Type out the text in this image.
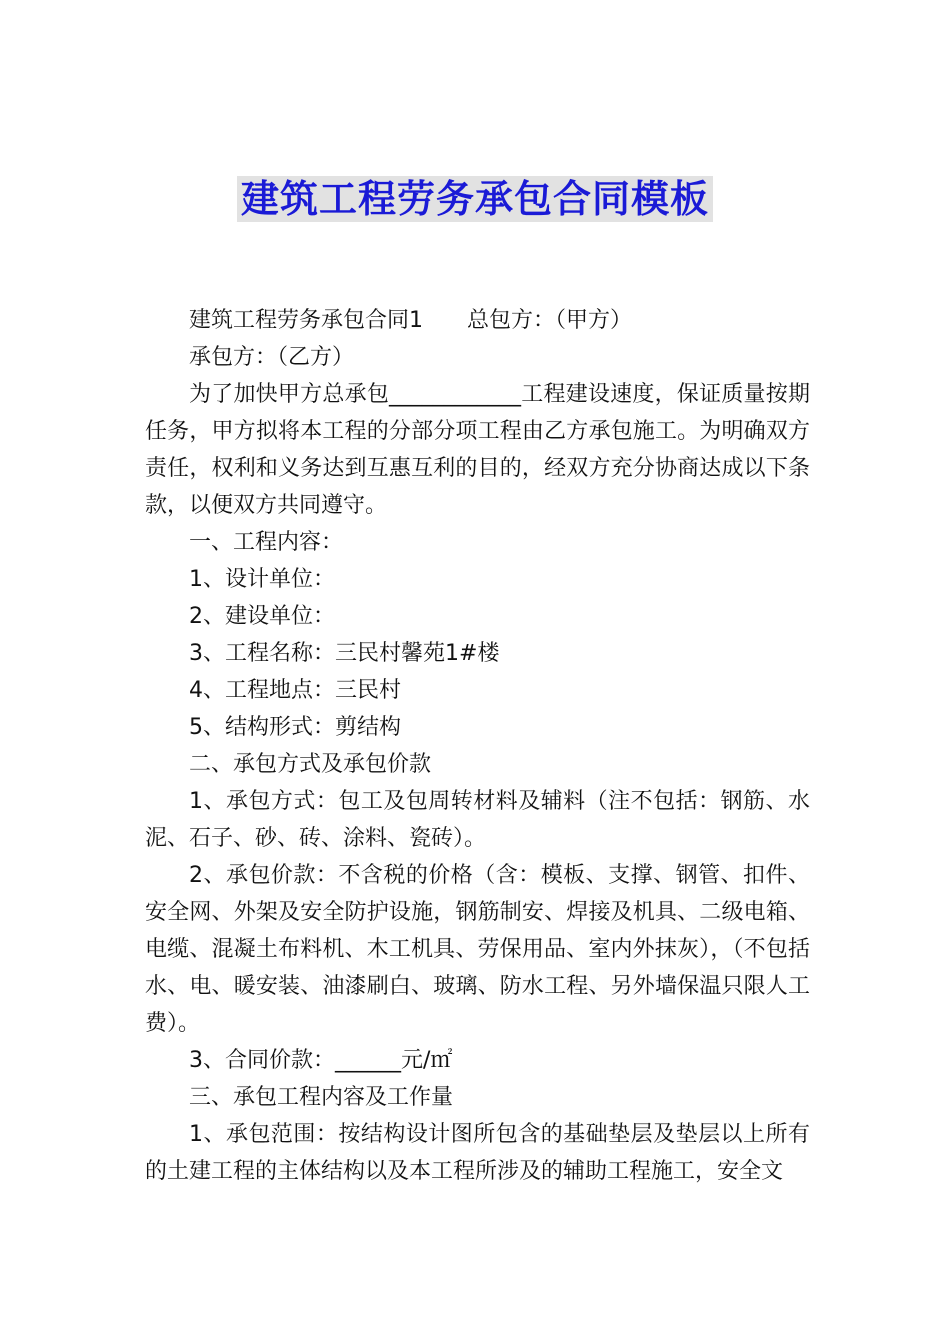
建筑工程劳务承包合同模板

建筑工程劳务承包合同1 总包方：（甲方）

承包方：（乙方）

为了加快甲方总承包____________工程建设速度，保证质量按期任务，甲方拟将本工程的分部分项工程由乙方承包施工。为明确双方责任，权利和义务达到互惠互利的目的，经双方充分协商达成以下条款，以便双方共同遵守。

一、工程内容：

1、设计单位：

2、建设单位：

3、工程名称：三民村馨苑1#楼

4、工程地点：三民村

5、结构形式：剪结构

二、承包方式及承包价款

1、承包方式：包工及包周转材料及辅料（注不包括：钢筋、水泥、石子、砂、砖、涂料、瓷砖）。

2、承包价款：不含税的价格（含：模板、支撑、钢管、扣件、安全网、外架及安全防护设施，钢筋制安、焊接及机具、二级电箱、电缆、混凝土布料机、木工机具、劳保用品、室内外抹灰），（不包括水、电、暖安装、油漆刷白、玻璃、防水工程、另外墙保温只限人工费）。

3、合同价款：______元/㎡

三、承包工程内容及工作量

1、承包范围：按结构设计图所包含的基础垫层及垫层以上所有的土建工程的主体结构以及本工程所涉及的辅助工程施工，安全文
